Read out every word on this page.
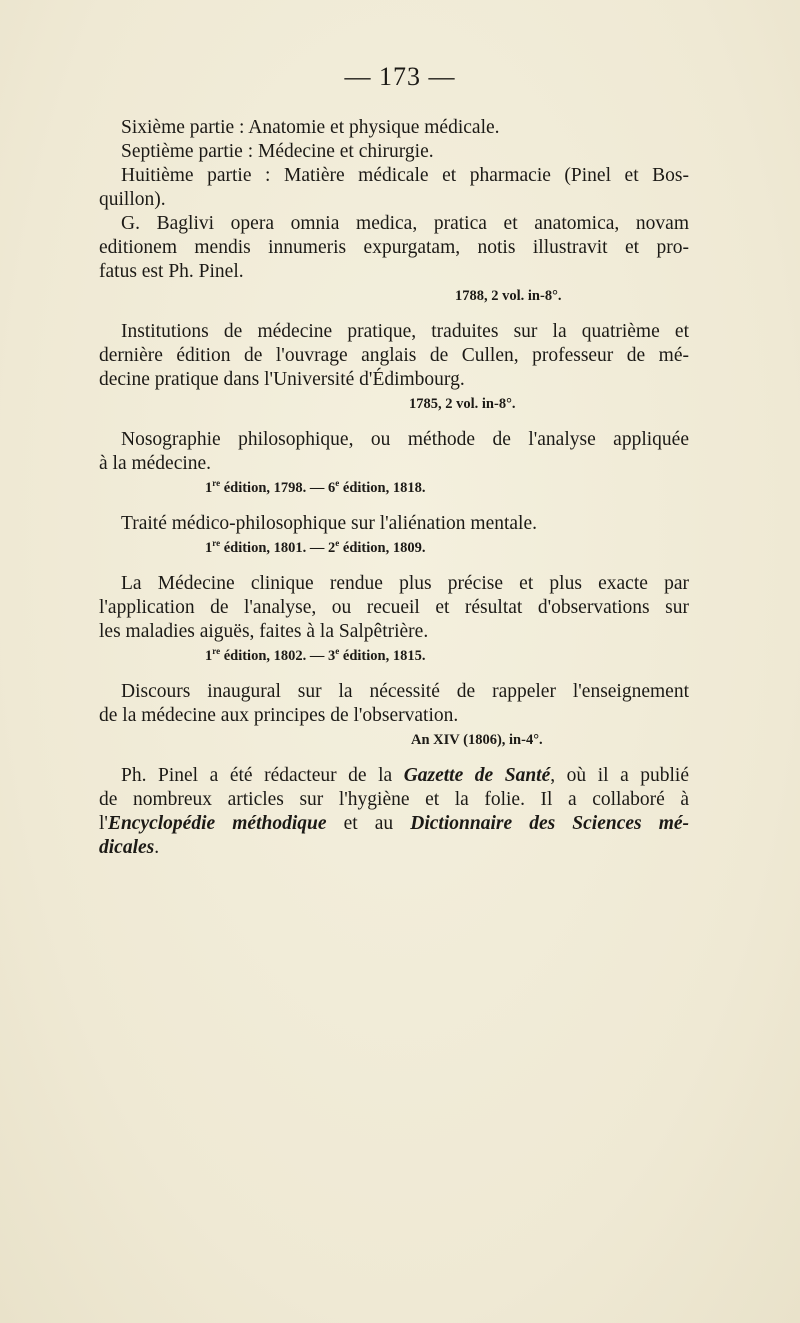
— 173 —

Sixième partie : Anatomie et physique médicale.

Septième partie : Médecine et chirurgie.

Huitième partie : Matière médicale et pharmacie (Pinel et Bos-
quillon).

G. Baglivi opera omnia medica, pratica et anatomica, novam
editionem mendis innumeris expurgatam, notis illustravit et pro-
fatus est Ph. Pinel.

1788, 2 vol. in-8°.

Institutions de médecine pratique, traduites sur la quatrième et
dernière édition de l'ouvrage anglais de Cullen, professeur de mé-
decine pratique dans l'Université d'Édimbourg.

1785, 2 vol. in-8°.

Nosographie philosophique, ou méthode de l'analyse appliquée
à la médecine.

1re édition, 1798. — 6e édition, 1818.

Traité médico-philosophique sur l'aliénation mentale.

1re édition, 1801. — 2e édition, 1809.

La Médecine clinique rendue plus précise et plus exacte par
l'application de l'analyse, ou recueil et résultat d'observations sur
les maladies aiguës, faites à la Salpêtrière.

1re édition, 1802. — 3e édition, 1815.

Discours inaugural sur la nécessité de rappeler l'enseignement
de la médecine aux principes de l'observation.

An XIV (1806), in-4°.

Ph. Pinel a été rédacteur de la Gazette de Santé, où il a publié
de nombreux articles sur l'hygiène et la folie. Il a collaboré à
l'Encyclopédie méthodique et au Dictionnaire des Sciences mé-
dicales.
